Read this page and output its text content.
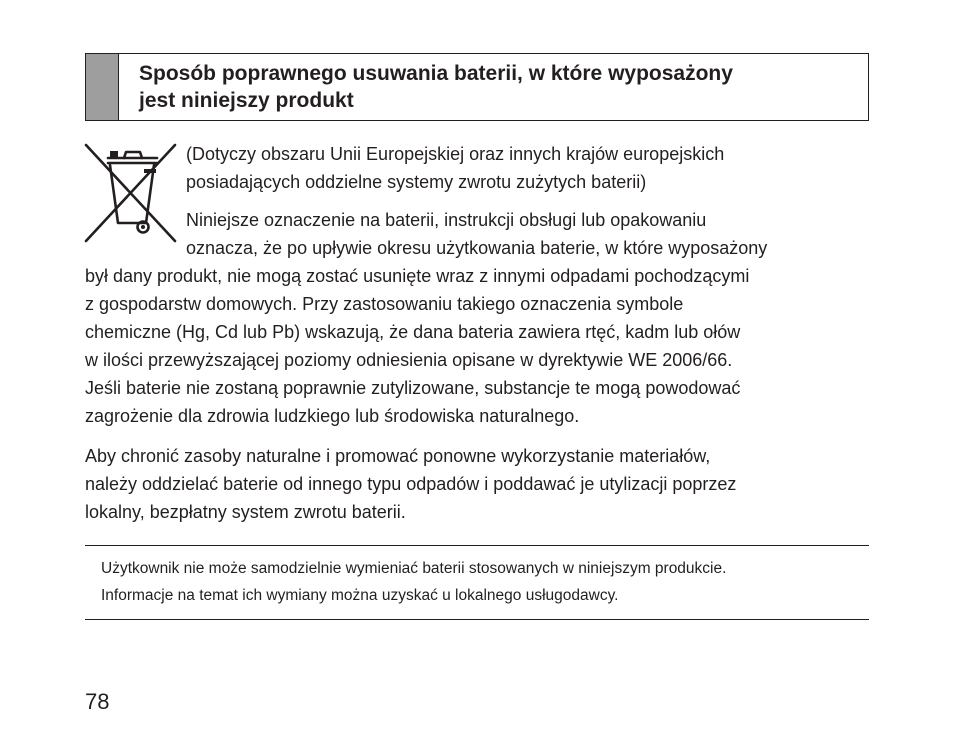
Sposób poprawnego usuwania baterii, w które wyposażony
jest niniejszy produkt
(Dotyczy obszaru Unii Europejskiej oraz innych krajów europejskich
posiadających oddzielne systemy zwrotu zużytych baterii)
Niniejsze oznaczenie na baterii, instrukcji obsługi lub opakowaniu
oznacza, że po upływie okresu użytkowania baterie, w które wyposażony
był dany produkt, nie mogą zostać usunięte wraz z innymi odpadami pochodzącymi
z gospodarstw domowych. Przy zastosowaniu takiego oznaczenia symbole
chemiczne (Hg, Cd lub Pb) wskazują, że dana bateria zawiera rtęć, kadm lub ołów
w ilości przewyższającej poziomy odniesienia opisane w dyrektywie WE 2006/66.
Jeśli baterie nie zostaną poprawnie zutylizowane, substancje te mogą powodować
zagrożenie dla zdrowia ludzkiego lub środowiska naturalnego.
Aby chronić zasoby naturalne i promować ponowne wykorzystanie materiałów,
należy oddzielać baterie od innego typu odpadów i poddawać je utylizacji poprzez
lokalny, bezpłatny system zwrotu baterii.
Użytkownik nie może samodzielnie wymieniać baterii stosowanych w niniejszym produkcie.
Informacje na temat ich wymiany można uzyskać u lokalnego usługodawcy.
78
